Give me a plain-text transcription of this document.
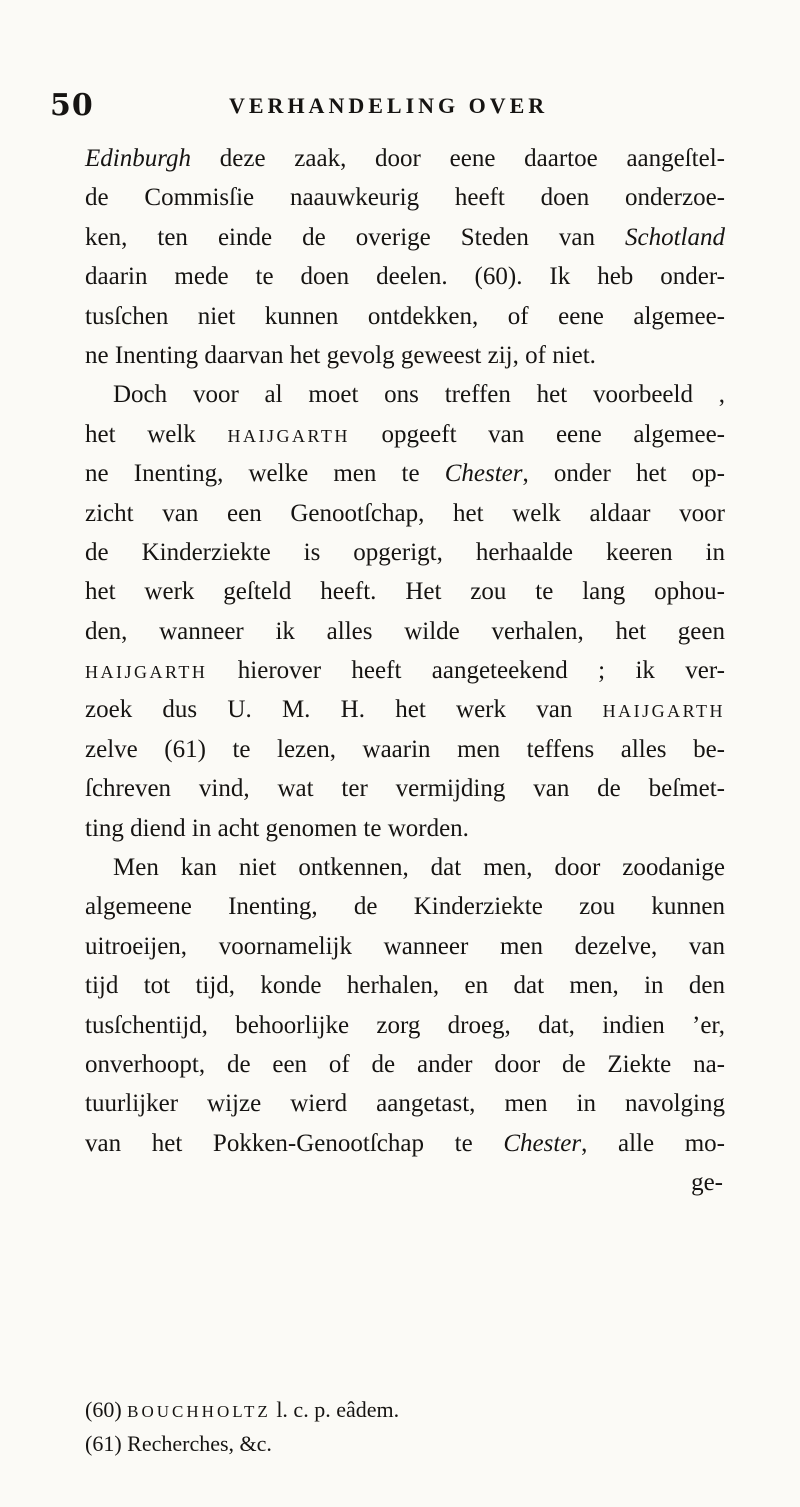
50	VERHANDELING OVER
Edinburgh deze zaak, door eene daartoe aangeſtel-
de Commisſie naauwkeurig heeft doen onderzoe-
ken, ten einde de overige Steden van Schotland
daarin mede te doen deelen. (60). Ik heb onder-
tusſchen niet kunnen ontdekken, of eene algemee-
ne Inenting daarvan het gevolg geweest zij, of niet.
Doch voor al moet ons treffen het voorbeeld ,
het welk HAIJGARTH opgeeft van eene algemee-
ne Inenting, welke men te Chester, onder het op-
zicht van een Genootſchap, het welk aldaar voor
de Kinderziekte is opgerigt, herhaalde keeren in
het werk geſteld heeft. Het zou te lang ophou-
den, wanneer ik alles wilde verhalen, het geen
HAIJGARTH hierover heeft aangeteekend ; ik ver-
zoek dus U. M. H. het werk van HAIJGARTH
zelve (61) te lezen, waarin men teffens alles be-
ſchreven vind, wat ter vermijding van de beſmet-
ting diend in acht genomen te worden.
Men kan niet ontkennen, dat men, door zoodanige
algemeene Inenting, de Kinderziekte zou kunnen
uitroeijen, voornamelijk wanneer men dezelve, van
tijd tot tijd, konde herhalen, en dat men, in den
tusſchentijd, behoorlijke zorg droeg, dat, indien ’er,
onverhoopt, de een of de ander door de Ziekte na-
tuurlijker wijze wierd aangetast, men in navolging
van het Pokken-Genootſchap te Chester, alle mo-
ge-
(60) BOUCHHOLTZ l. c. p. eâdem.
(61) Recherches, &c.
